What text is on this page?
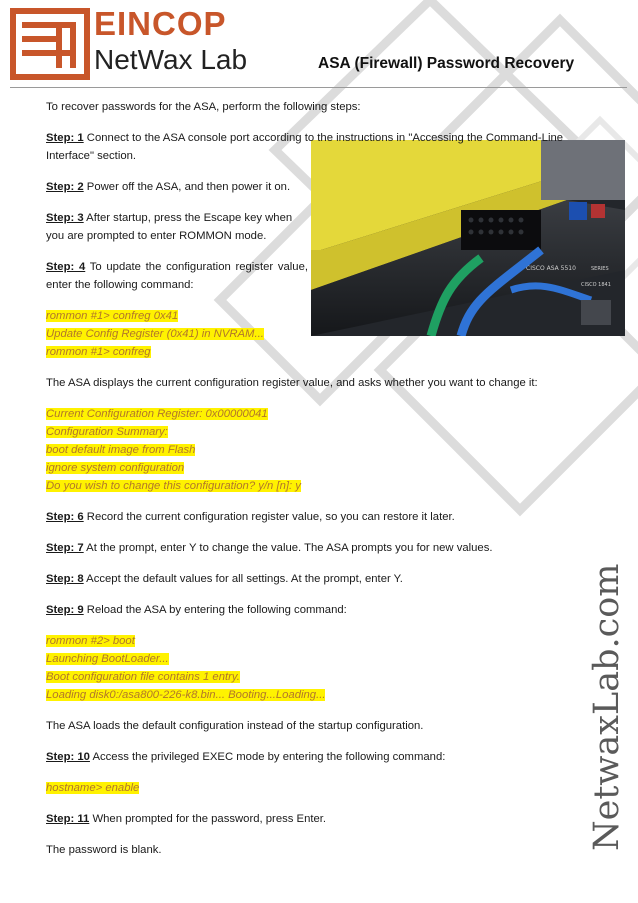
EINCOP
NetWax Lab	ASA (Firewall) Password Recovery
CISCO ASA 5510	SERIES
CISCO 1841

To recover passwords for the ASA, perform the following steps:

Step: 1 Connect to the ASA console port according to the instructions in "Accessing the Command-Line Interface" section.

Step: 2 Power off the ASA, and then power it on.

Step: 3 After startup, press the Escape key when you are prompted to enter ROMMON mode.

Step: 4 To update the configuration register value, enter the following command:

rommon #1> confreg 0x41

Update Config Register (0x41) in NVRAM...

rommon #1> confreg

The ASA displays the current configuration register value, and asks whether you want to change it:

Current Configuration Register: 0x00000041

Configuration Summary:

boot default image from Flash

ignore system configuration

Do you wish to change this configuration? y/n [n]: y

Step: 6 Record the current configuration register value, so you can restore it later.

Step: 7 At the prompt, enter Y to change the value. The ASA prompts you for new values.

Step: 8 Accept the default values for all settings. At the prompt, enter Y.

Step: 9 Reload the ASA by entering the following command:

rommon #2> boot

Launching BootLoader...

Boot configuration file contains 1 entry.

Loading disk0:/asa800-226-k8.bin... Booting...Loading...

The ASA loads the default configuration instead of the startup configuration.

Step: 10 Access the privileged EXEC mode by entering the following command:

hostname> enable

Step: 11 When prompted for the password, press Enter.

The password is blank.	NetwaxLab.com
